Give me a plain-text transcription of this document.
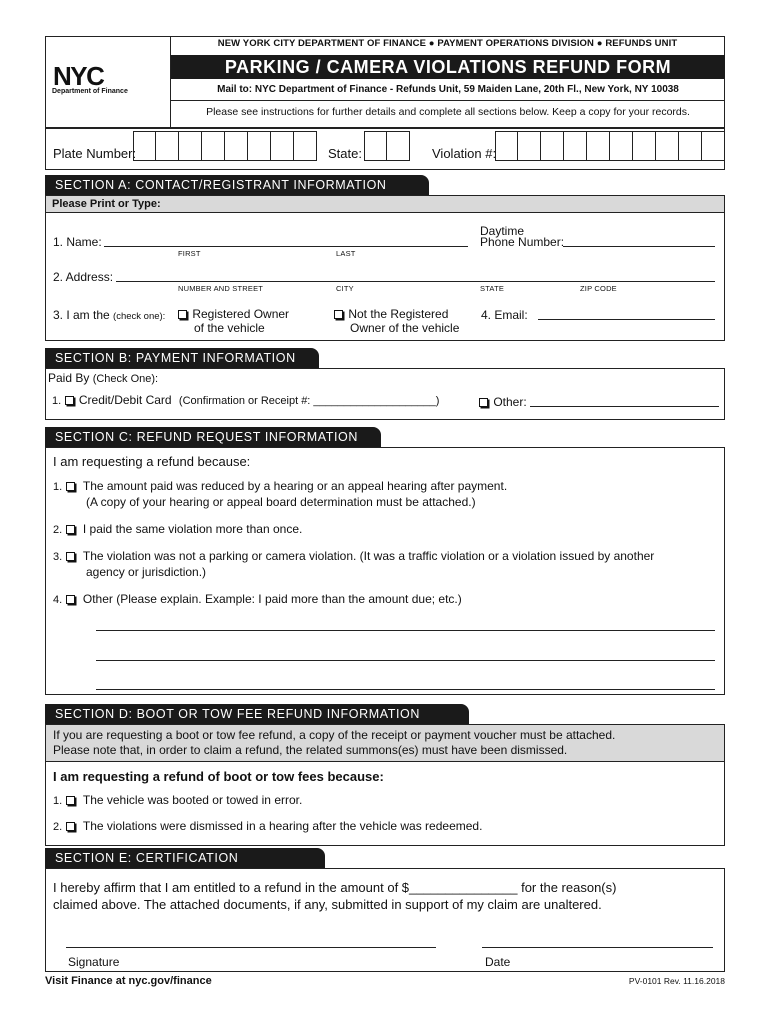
NYC
Department of Finance
NEW YORK CITY DEPARTMENT OF FINANCE ● PAYMENT OPERATIONS DIVISION ● REFUNDS UNIT
PARKING / CAMERA VIOLATIONS REFUND FORM
Mail to: NYC Department of Finance - Refunds Unit, 59 Maiden Lane, 20th Fl., New York, NY 10038
Please see instructions for further details and complete all sections below. Keep a copy for your records.
Plate Number:	State:	Violation #:
SECTION A: CONTACT/REGISTRANT INFORMATION
Please Print or Type:
1. Name:
FIRST	LAST
Daytime
Phone Number:
2. Address:
NUMBER AND STREET	CITY	STATE	ZIP CODE
3. I am the (check one):	Registered Owner
of the vehicle
Not the Registered
Owner of the vehicle
4. Email:
SECTION B: PAYMENT INFORMATION
Paid By (Check One):
1. Credit/Debit Card (Confirmation or Receipt #: ____________________)	Other:
SECTION C: REFUND REQUEST INFORMATION
I am requesting a refund because:
1. The amount paid was reduced by a hearing or an appeal hearing after payment.
(A copy of your hearing or appeal board determination must be attached.)
2. I paid the same violation more than once.
3. The violation was not a parking or camera violation. (It was a traffic violation or a violation issued by another
agency or jurisdiction.)
4. Other (Please explain. Example: I paid more than the amount due; etc.)
SECTION D: BOOT OR TOW FEE REFUND INFORMATION
If you are requesting a boot or tow fee refund, a copy of the receipt or payment voucher must be attached.
Please note that, in order to claim a refund, the related summons(es) must have been dismissed.
I am requesting a refund of boot or tow fees because:
1. The vehicle was booted or towed in error.
2. The violations were dismissed in a hearing after the vehicle was redeemed.
SECTION E: CERTIFICATION
I hereby affirm that I am entitled to a refund in the amount of $_______________ for the reason(s)
claimed above. The attached documents, if any, submitted in support of my claim are unaltered.
Signature	Date
Visit Finance at nyc.gov/finance	PV-0101 Rev. 11.16.2018
